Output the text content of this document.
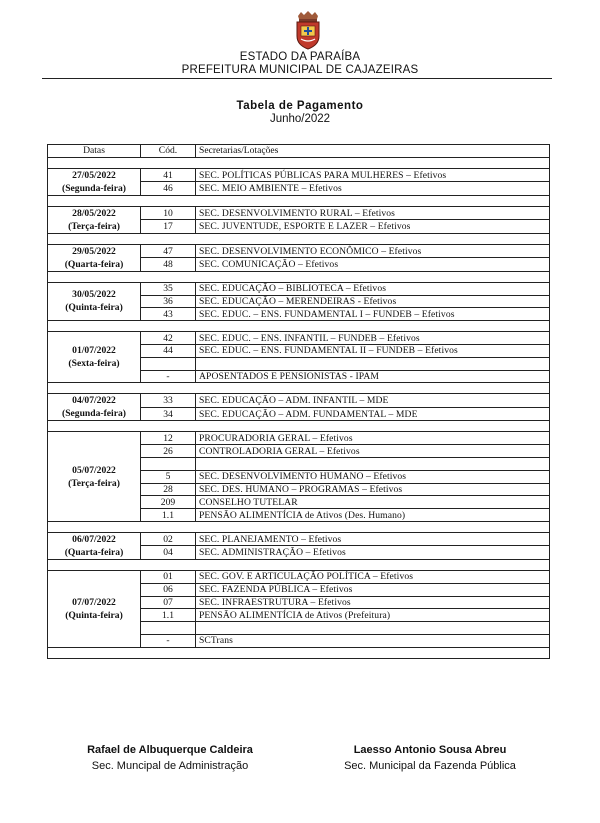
ESTADO DA PARAÍBA
PREFEITURA MUNICIPAL DE CAJAZEIRAS
Tabela de Pagamento
Junho/2022
Datas	Cód.	Secretarias/Lotações

27/05/2022
(Segunda-feira)	41	SEC. POLÍTICAS PÚBLICAS PARA MULHERES – Efetivos
	46	SEC. MEIO AMBIENTE – Efetivos

28/05/2022
(Terça-feira)	10	SEC. DESENVOLVIMENTO RURAL – Efetivos
	17	SEC. JUVENTUDE, ESPORTE E LAZER – Efetivos

29/05/2022
(Quarta-feira)	47	SEC. DESENVOLVIMENTO ECONÔMICO – Efetivos
	48	SEC. COMUNICAÇÃO – Efetivos

30/05/2022
(Quinta-feira)	35	SEC. EDUCAÇÃO – BIBLIOTECA – Efetivos
	36	SEC. EDUCAÇÃO – MERENDEIRAS - Efetivos
	43	SEC. EDUC. – ENS. FUNDAMENTAL I – FUNDEB – Efetivos

01/07/2022
(Sexta-feira)	42	SEC. EDUC. – ENS. INFANTIL – FUNDEB – Efetivos
	44	SEC. EDUC. – ENS. FUNDAMENTAL II – FUNDEB – Efetivos

	-	APOSENTADOS E PENSIONISTAS - IPAM

04/07/2022
(Segunda-feira)	33	SEC. EDUCAÇÃO – ADM. INFANTIL – MDE
	34	SEC. EDUCAÇÃO – ADM. FUNDAMENTAL – MDE

05/07/2022
(Terça-feira)	12	PROCURADORIA GERAL – Efetivos
	26	CONTROLADORIA GERAL – Efetivos

	5	SEC. DESENVOLVIMENTO HUMANO – Efetivos
	28	SEC. DES. HUMANO – PROGRAMAS – Efetivos
	209	CONSELHO TUTELAR
	1.1	PENSÃO ALIMENTÍCIA de Ativos (Des. Humano)

06/07/2022
(Quarta-feira)	02	SEC. PLANEJAMENTO – Efetivos
	04	SEC. ADMINISTRAÇÃO – Efetivos

07/07/2022
(Quinta-feira)	01	SEC. GOV. E ARTICULAÇÃO POLÍTICA – Efetivos
	06	SEC. FAZENDA PÚBLICA – Efetivos
	07	SEC. INFRAESTRUTURA – Efetivos
	1.1	PENSÃO ALIMENTÍCIA de Ativos (Prefeitura)

	-	SCTrans

Rafael de Albuquerque Caldeira
Sec. Muncipal de Administração
Laesso Antonio Sousa Abreu
Sec. Municipal da Fazenda Pública
